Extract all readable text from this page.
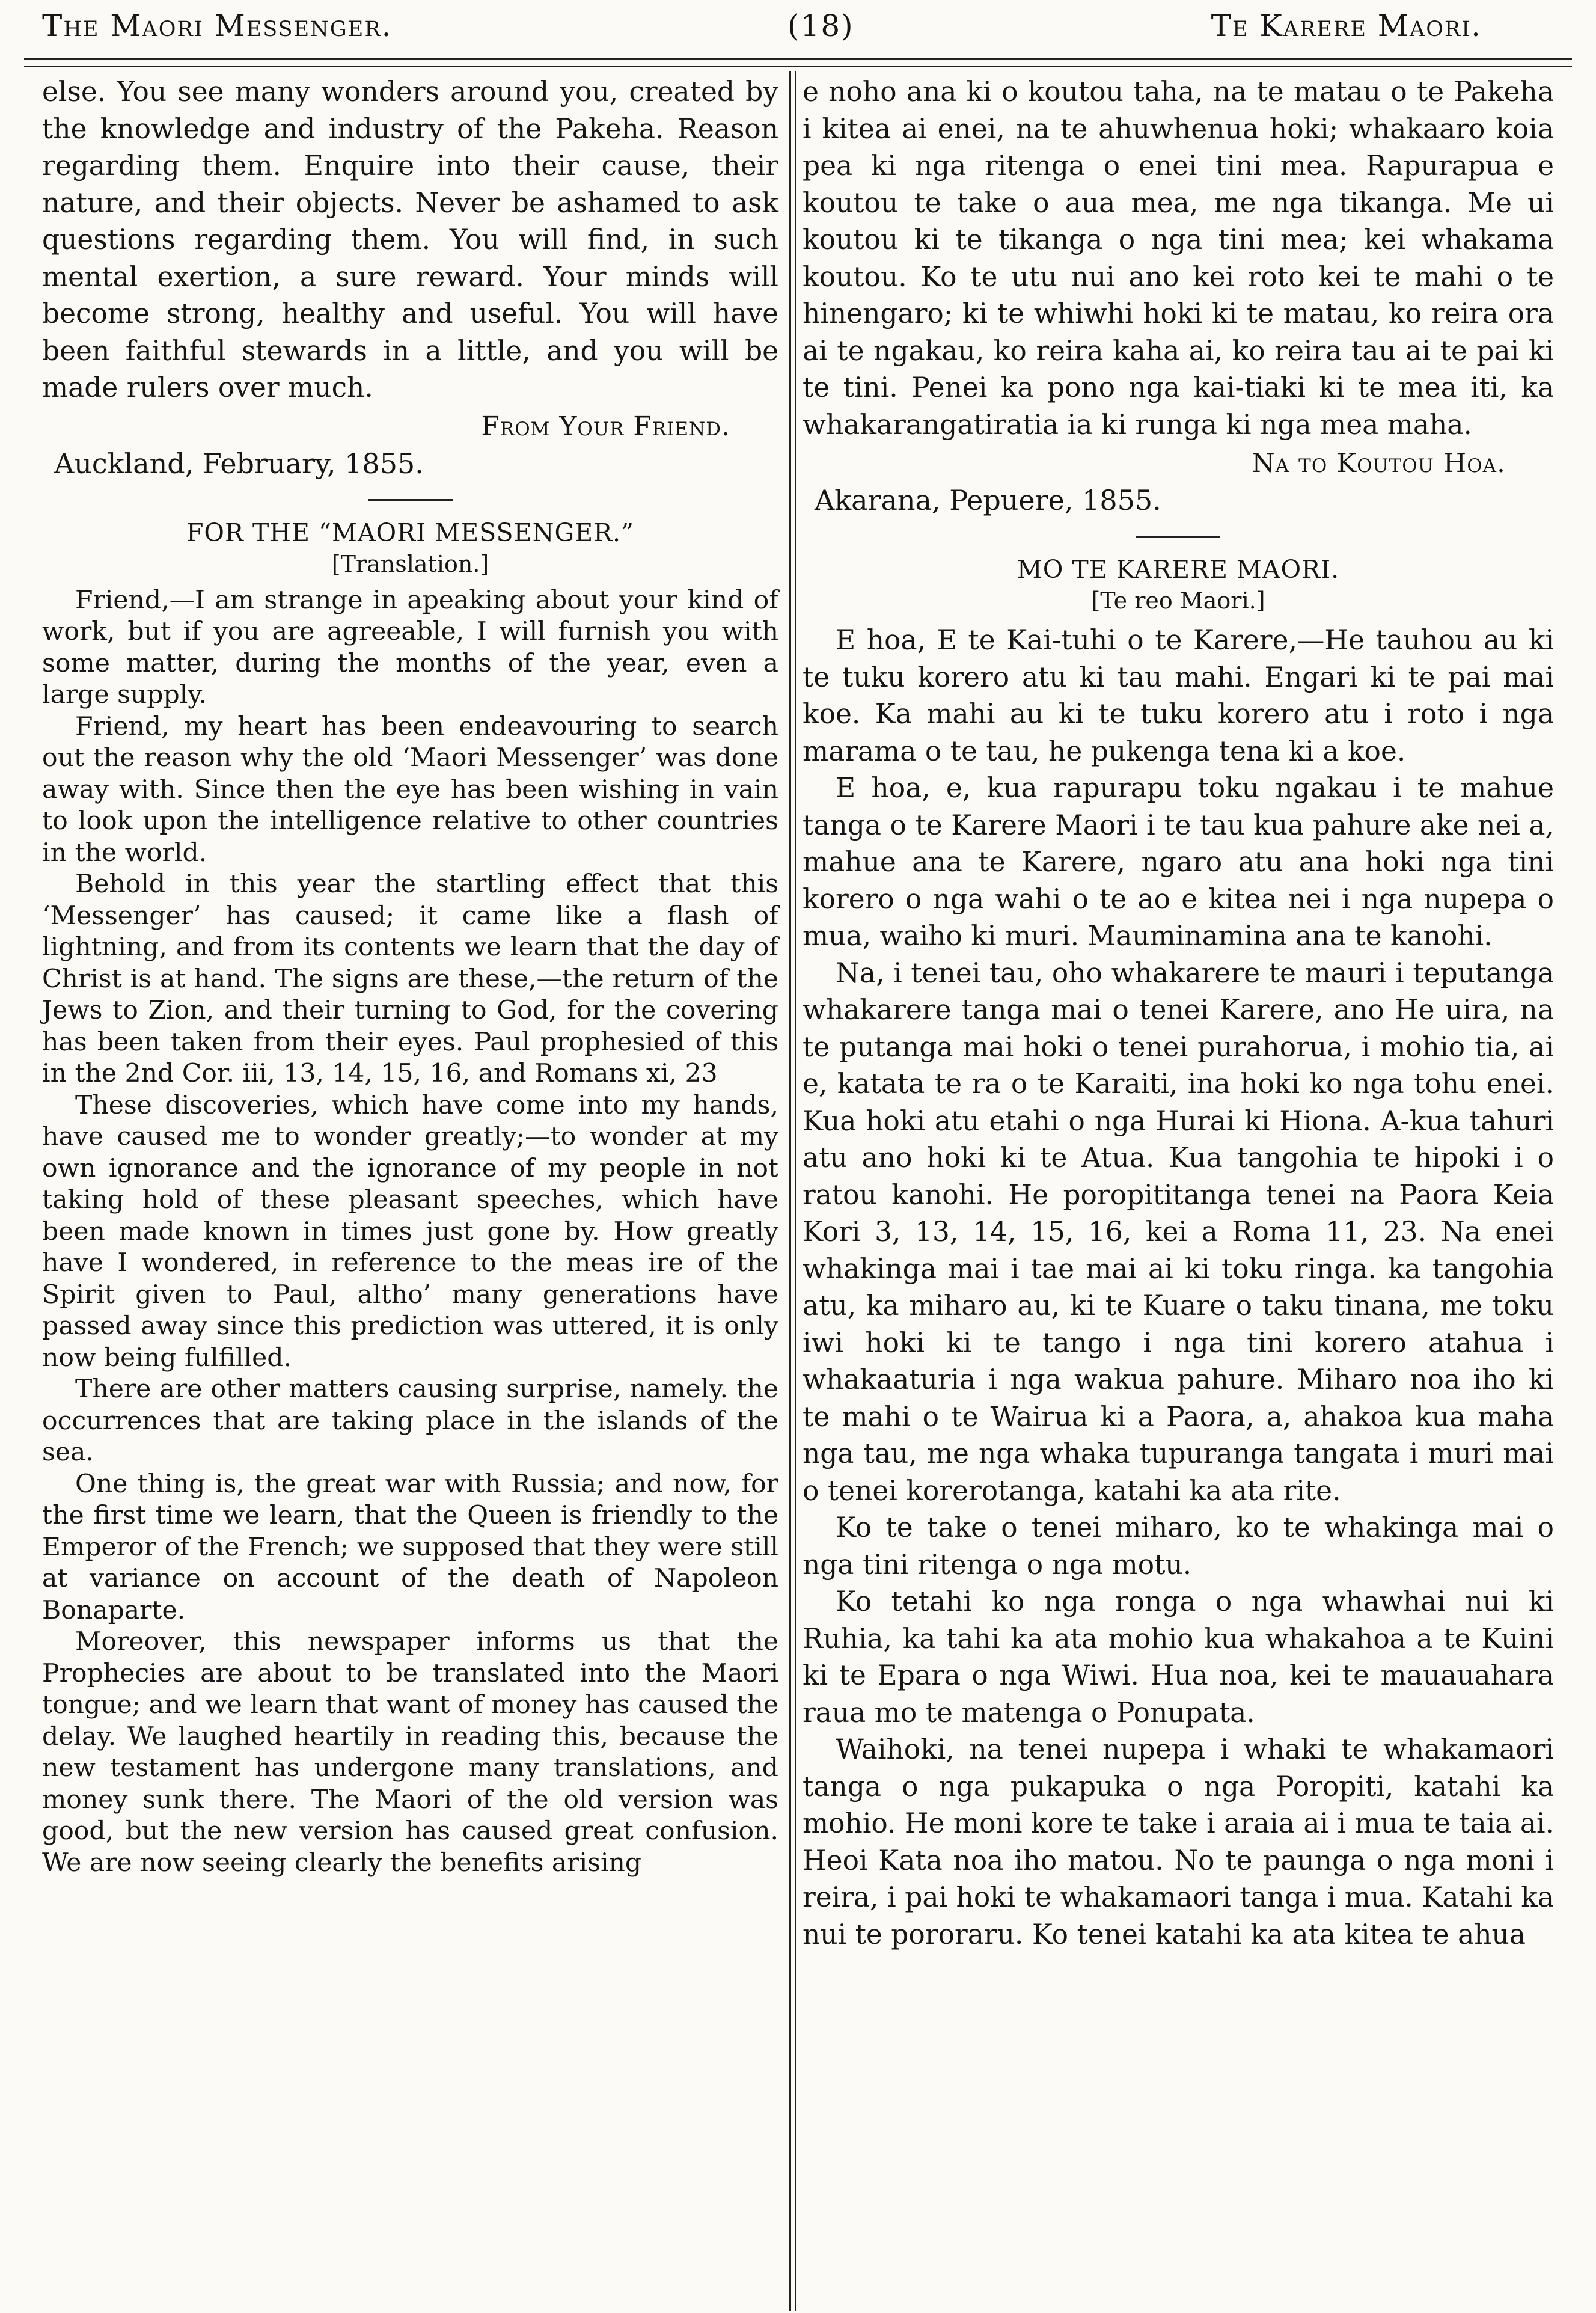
The Maori Messenger.	(18)	Te Karere Maori.

else. You see many wonders around you, created by the knowledge and industry of the Pakeha. Reason regarding them. Enquire into their cause, their nature, and their objects. Never be ashamed to ask questions regarding them. You will find, in such mental exertion, a sure reward. Your minds will become strong, healthy and useful. You will have been faithful stewards in a little, and you will be made rulers over much.

From Your Friend.

Auckland, February, 1855.

FOR THE “MAORI MESSENGER.”

[Translation.]

Friend,—I am strange in apeaking about your kind of work, but if you are agreeable, I will furnish you with some matter, during the months of the year, even a large supply.

Friend, my heart has been endeavouring to search out the reason why the old ‘Maori Messenger’ was done away with. Since then the eye has been wishing in vain to look upon the intelligence relative to other countries in the world.

Behold in this year the startling effect that this ‘Messenger’ has caused; it came like a flash of lightning, and from its contents we learn that the day of Christ is at hand. The signs are these,—the return of the Jews to Zion, and their turning to God, for the covering has been taken from their eyes. Paul prophesied of this in the 2nd Cor. iii, 13, 14, 15, 16, and Romans xi, 23

These discoveries, which have come into my hands, have caused me to wonder greatly;—to wonder at my own ignorance and the ignorance of my people in not taking hold of these pleasant speeches, which have been made known in times just gone by. How greatly have I wondered, in reference to the meas ire of the Spirit given to Paul, altho’ many generations have passed away since this prediction was uttered, it is only now being fulfilled.

There are other matters causing surprise, namely. the occurrences that are taking place in the islands of the sea.

One thing is, the great war with Russia; and now, for the first time we learn, that the Queen is friendly to the Emperor of the French; we supposed that they were still at variance on account of the death of Napoleon Bonaparte.

Moreover, this newspaper informs us that the Prophecies are about to be translated into the Maori tongue; and we learn that want of money has caused the delay. We laughed heartily in reading this, because the new testament has undergone many translations, and money sunk there. The Maori of the old version was good, but the new version has caused great confusion. We are now seeing clearly the benefits arising

e noho ana ki o koutou taha, na te matau o te Pakeha i kitea ai enei, na te ahuwhenua hoki; whakaaro koia pea ki nga ritenga o enei tini mea. Rapurapua e koutou te take o aua mea, me nga tikanga. Me ui koutou ki te tikanga o nga tini mea; kei whakama koutou. Ko te utu nui ano kei roto kei te mahi o te hinengaro; ki te whiwhi hoki ki te matau, ko reira ora ai te ngakau, ko reira kaha ai, ko reira tau ai te pai ki te tini. Penei ka pono nga kai-tiaki ki te mea iti, ka whakarangatiratia ia ki runga ki nga mea maha.

Na to Koutou Hoa.

Akarana, Pepuere, 1855.

MO TE KARERE MAORI.

[Te reo Maori.]

E hoa, E te Kai-tuhi o te Karere,—He tauhou au ki te tuku korero atu ki tau mahi. Engari ki te pai mai koe. Ka mahi au ki te tuku korero atu i roto i nga marama o te tau, he pukenga tena ki a koe.

E hoa, e, kua rapurapu toku ngakau i te mahue tanga o te Karere Maori i te tau kua pahure ake nei a, mahue ana te Karere, ngaro atu ana hoki nga tini korero o nga wahi o te ao e kitea nei i nga nupepa o mua, waiho ki muri. Mauminamina ana te kanohi.

Na, i tenei tau, oho whakarere te mauri i teputanga whakarere tanga mai o tenei Karere, ano He uira, na te putanga mai hoki o tenei purahorua, i mohio tia, ai e, katata te ra o te Karaiti, ina hoki ko nga tohu enei. Kua hoki atu etahi o nga Hurai ki Hiona. A-kua tahuri atu ano hoki ki te Atua. Kua tangohia te hipoki i o ratou kanohi. He poropititanga tenei na Paora Keia Kori 3, 13, 14, 15, 16, kei a Roma 11, 23. Na enei whakinga mai i tae mai ai ki toku ringa. ka tangohia atu, ka miharo au, ki te Kuare o taku tinana, me toku iwi hoki ki te tango i nga tini korero atahua i whakaaturia i nga wakua pahure. Miharo noa iho ki te mahi o te Wairua ki a Paora, a, ahakoa kua maha nga tau, me nga whaka tupuranga tangata i muri mai o tenei korerotanga, katahi ka ata rite.

Ko te take o tenei miharo, ko te whakinga mai o nga tini ritenga o nga motu.

Ko tetahi ko nga ronga o nga whawhai nui ki Ruhia, ka tahi ka ata mohio kua whakahoa a te Kuini ki te Epara o nga Wiwi. Hua noa, kei te mauauahara raua mo te matenga o Ponupata.

Waihoki, na tenei nupepa i whaki te whakamaori tanga o nga pukapuka o nga Poropiti, katahi ka mohio. He moni kore te take i araia ai i mua te taia ai. Heoi Kata noa iho matou. No te paunga o nga moni i reira, i pai hoki te whakamaori tanga i mua. Katahi ka nui te pororaru. Ko tenei katahi ka ata kitea te ahua
